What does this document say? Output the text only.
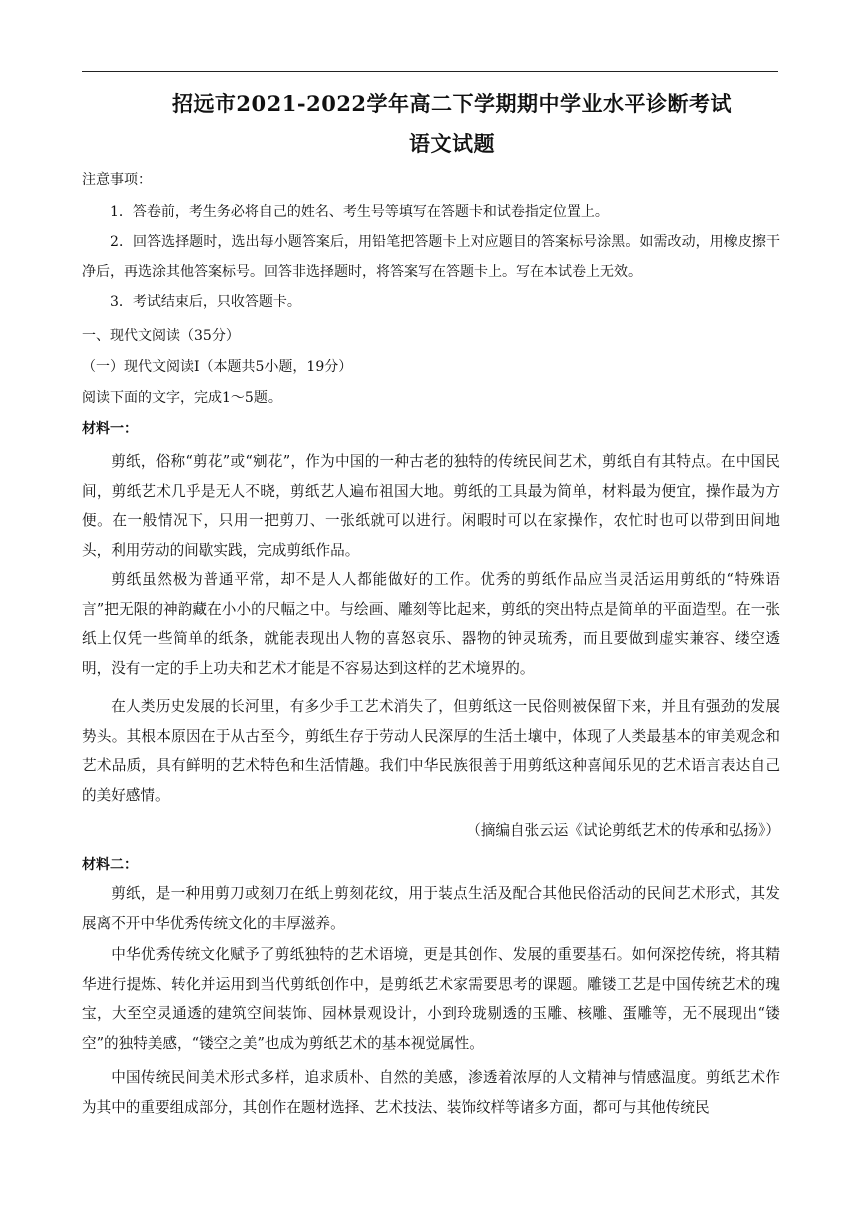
招远市2021-2022学年高二下学期期中学业水平诊断考试
语文试题
注意事项：
1．答卷前，考生务必将自己的姓名、考生号等填写在答题卡和试卷指定位置上。
2．回答选择题时，选出每小题答案后，用铅笔把答题卡上对应题目的答案标号涂黑。如需改动，用橡皮擦干净后，再选涂其他答案标号。回答非选择题时，将答案写在答题卡上。写在本试卷上无效。
3．考试结束后，只收答题卡。
一、现代文阅读（35分）
（一）现代文阅读Ⅰ（本题共5小题，19分）
阅读下面的文字，完成1～5题。
材料一：
剪纸，俗称“剪花”或“剜花”，作为中国的一种古老的独特的传统民间艺术，剪纸自有其特点。在中国民间，剪纸艺术几乎是无人不晓，剪纸艺人遍布祖国大地。剪纸的工具最为简单，材料最为便宜，操作最为方便。在一般情况下，只用一把剪刀、一张纸就可以进行。闲暇时可以在家操作，农忙时也可以带到田间地头，利用劳动的间歇实践，完成剪纸作品。
剪纸虽然极为普通平常，却不是人人都能做好的工作。优秀的剪纸作品应当灵活运用剪纸的“特殊语言”把无限的神韵藏在小小的尺幅之中。与绘画、雕刻等比起来，剪纸的突出特点是简单的平面造型。在一张纸上仅凭一些简单的纸条，就能表现出人物的喜怒哀乐、器物的钟灵琉秀，而且要做到虚实兼容、缕空透明，没有一定的手上功夫和艺术才能是不容易达到这样的艺术境界的。
在人类历史发展的长河里，有多少手工艺术消失了，但剪纸这一民俗则被保留下来，并且有强劲的发展势头。其根本原因在于从古至今，剪纸生存于劳动人民深厚的生活土壤中，体现了人类最基本的审美观念和艺术品质，具有鲜明的艺术特色和生活情趣。我们中华民族很善于用剪纸这种喜闻乐见的艺术语言表达自己的美好感情。
（摘编自张云运《试论剪纸艺术的传承和弘扬》）
材料二：
剪纸，是一种用剪刀或刻刀在纸上剪刻花纹，用于装点生活及配合其他民俗活动的民间艺术形式，其发展离不开中华优秀传统文化的丰厚滋养。
中华优秀传统文化赋予了剪纸独特的艺术语境，更是其创作、发展的重要基石。如何深挖传统，将其精华进行提炼、转化并运用到当代剪纸创作中，是剪纸艺术家需要思考的课题。雕镂工艺是中国传统艺术的瑰宝，大至空灵通透的建筑空间装饰、园林景观设计，小到玲珑剔透的玉雕、核雕、蛋雕等，无不展现出“镂空”的独特美感，“镂空之美”也成为剪纸艺术的基本视觉属性。
中国传统民间美术形式多样，追求质朴、自然的美感，渗透着浓厚的人文精神与情感温度。剪纸艺术作为其中的重要组成部分，其创作在题材选择、艺术技法、装饰纹样等诸多方面，都可与其他传统民
